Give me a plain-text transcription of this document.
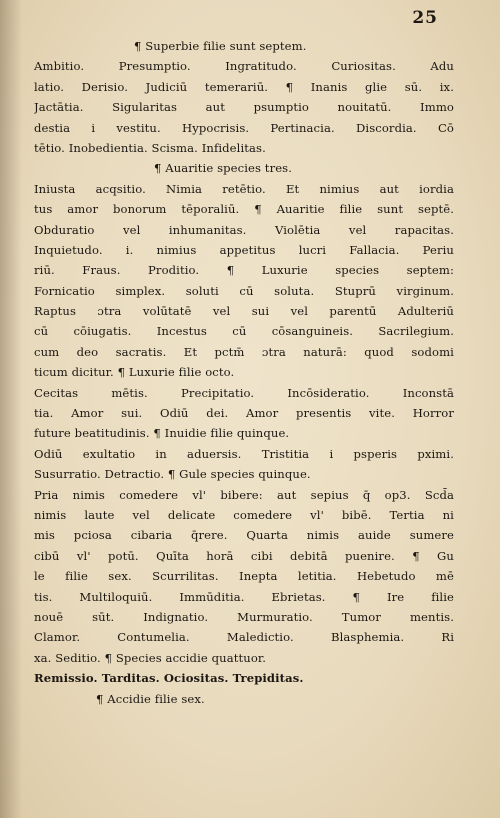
25
¶ Superbie filie sunt septem.
Ambitio. Presumptio. Ingratitudo. Curiositas. Adu
latio. Derisio. Judiciū temerariū. ¶ Inanis glie sū. ix.
Jactātia. Sigularitas aut psumptio nouitatū. Immo
destia i vestitu. Hypocrisis. Pertinacia. Discordia. Cō
tētio. Inobedientia. Scisma. Infidelitas.
¶ Auaritie species tres.
Iniusta acqsitio. Nimia retētio. Et nimius aut iordia
tus amor bonorum tēporaliū. ¶ Auaritie filie sunt septē.
Obduratio vel inhumanitas. Violētia vel rapacitas.
Inquietudo. i. nimius appetitus lucri Fallacia. Periu
riū. Fraus. Proditio. ¶ Luxurie species septem:
Fornicatio simplex. soluti cū soluta. Stuprū virginum.
Raptus ɔtra volūtatē vel sui vel parentū Adulteriū
cū cōiugatis. Incestus cū cōsanguineis. Sacrilegium.
cum deo sacratis. Et pctm̄ ɔtra naturā: quod sodomi
ticum dicitur. ¶ Luxurie filie octo.
Cecitas mētis. Precipitatio. Incōsideratio. Inconstā
tia. Amor sui. Odiū dei. Amor presentis vite. Horror
future beatitudinis. ¶ Inuidie filie quinque.
Odiū exultatio in aduersis. Tristitia i psperis pximi.
Susurratio. Detractio. ¶ Gule species quinque.
Pria nimis comedere vl' bibere: aut sepius q̄ op3. Scd̄a
nimis laute vel delicate comedere vl' bibē. Tertia ni
mis pciosa cibaria q̄rere. Quarta nimis auide sumere
cibū vl' potū. Quīta horā cibi debitā puenire. ¶ Gu
le filie sex. Scurrilitas. Inepta letitia. Hebetudo mē
tis. Multiloquiū. Immūditia. Ebrietas. ¶ Ire filie
nouē sūt. Indignatio. Murmuratio. Tumor mentis.
Clamor. Contumelia. Maledictio. Blasphemia. Ri
xa. Seditio. ¶ Species accidie quattuor.
Remissio. Tarditas. Ociositas. Trepiditas.
¶ Accidie filie sex.
